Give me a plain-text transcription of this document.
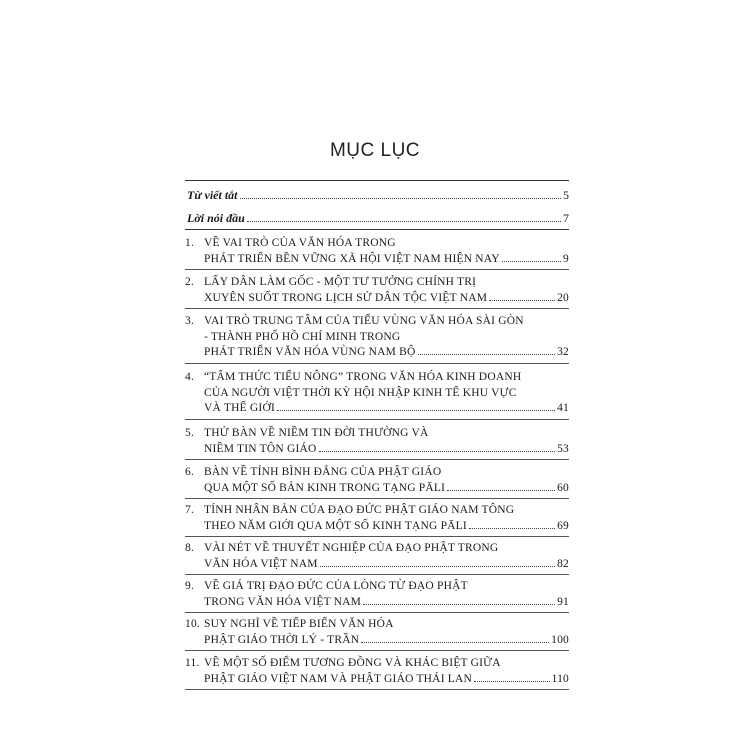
MỤC LỤC
Từ viết tắt	5
Lời nói đầu	7
1. VỀ VAI TRÒ CỦA VĂN HÓA TRONG
PHÁT TRIỂN BỀN VỮNG XÃ HỘI VIỆT NAM HIỆN NAY	9
2. LẤY DÂN LÀM GỐC - MỘT TƯ TƯỞNG CHÍNH TRỊ
XUYÊN SUỐT TRONG LỊCH SỬ DÂN TỘC VIỆT NAM	20
3. VAI TRÒ TRUNG TÂM CỦA TIỂU VÙNG VĂN HÓA SÀI GÒN
- THÀNH PHỐ HỒ CHÍ MINH TRONG
PHÁT TRIỂN VĂN HÓA VÙNG NAM BỘ	32
4. “TÂM THỨC TIỂU NÔNG” TRONG VĂN HÓA KINH DOANH
CỦA NGƯỜI VIỆT THỜI KỲ HỘI NHẬP KINH TẾ KHU VỰC
VÀ THẾ GIỚI	41
5. THỬ BÀN VỀ NIỀM TIN ĐỜI THƯỜNG VÀ
NIỀM TIN TÔN GIÁO	53
6. BÀN VỀ TÍNH BÌNH ĐẲNG CỦA PHẬT GIÁO
QUA MỘT SỐ BẢN KINH TRONG TẠNG PĀLI	60
7. TÍNH NHÂN BẢN CỦA ĐẠO ĐỨC PHẬT GIÁO NAM TÔNG
THEO NĂM GIỚI QUA MỘT SỐ KINH TẠNG PĀLI	69
8. VÀI NÉT VỀ THUYẾT NGHIỆP CỦA ĐẠO PHẬT TRONG
VĂN HÓA VIỆT NAM	82
9. VỀ GIÁ TRỊ ĐẠO ĐỨC CỦA LÒNG TỪ ĐẠO PHẬT
TRONG VĂN HÓA VIỆT NAM	91
10. SUY NGHĨ VỀ TIẾP BIẾN VĂN HÓA
PHẬT GIÁO THỜI LÝ - TRẦN	100
11. VỀ MỘT SỐ ĐIỂM TƯƠNG ĐỒNG VÀ KHÁC BIỆT GIỮA
PHẬT GIÁO VIỆT NAM VÀ PHẬT GIÁO THÁI LAN	110
